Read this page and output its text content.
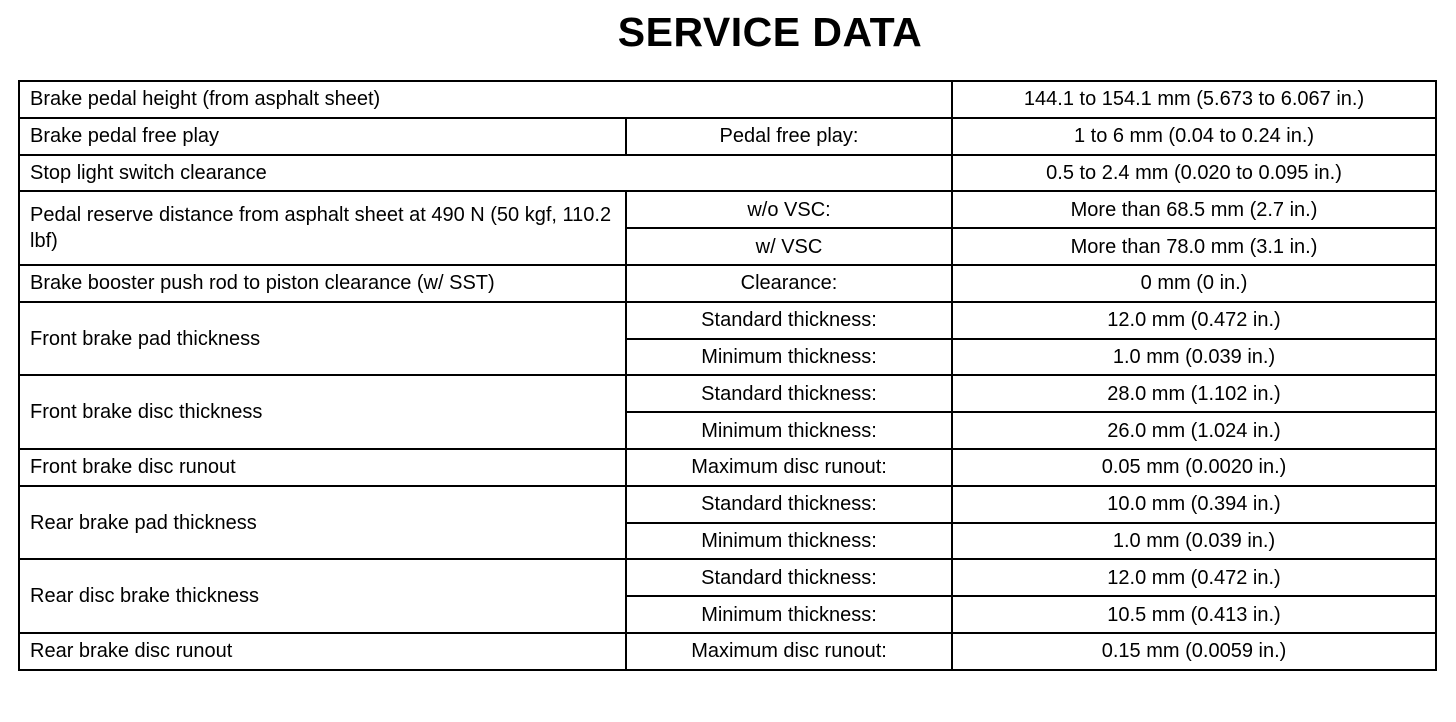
SERVICE DATA
Brake pedal height (from asphalt sheet)		144.1 to 154.1 mm (5.673 to 6.067 in.)
Brake pedal free play	Pedal free play:	1 to 6 mm (0.04 to 0.24 in.)
Stop light switch clearance		0.5 to 2.4 mm (0.020 to 0.095 in.)
Pedal reserve distance from asphalt sheet at 490 N (50 kgf, 110.2 lbf)	w/o VSC:	More than 68.5 mm (2.7 in.)
	w/ VSC	More than 78.0 mm (3.1 in.)
Brake booster push rod to piston clearance (w/ SST)	Clearance:	0 mm (0 in.)
Front brake pad thickness	Standard thickness:	12.0 mm (0.472 in.)
	Minimum thickness:	1.0 mm (0.039 in.)
Front brake disc thickness	Standard thickness:	28.0 mm (1.102 in.)
	Minimum thickness:	26.0 mm (1.024 in.)
Front brake disc runout	Maximum disc runout:	0.05 mm (0.0020 in.)
Rear brake pad thickness	Standard thickness:	10.0 mm (0.394 in.)
	Minimum thickness:	1.0 mm (0.039 in.)
Rear disc brake thickness	Standard thickness:	12.0 mm (0.472 in.)
	Minimum thickness:	10.5 mm (0.413 in.)
Rear brake disc runout	Maximum disc runout:	0.15 mm (0.0059 in.)
